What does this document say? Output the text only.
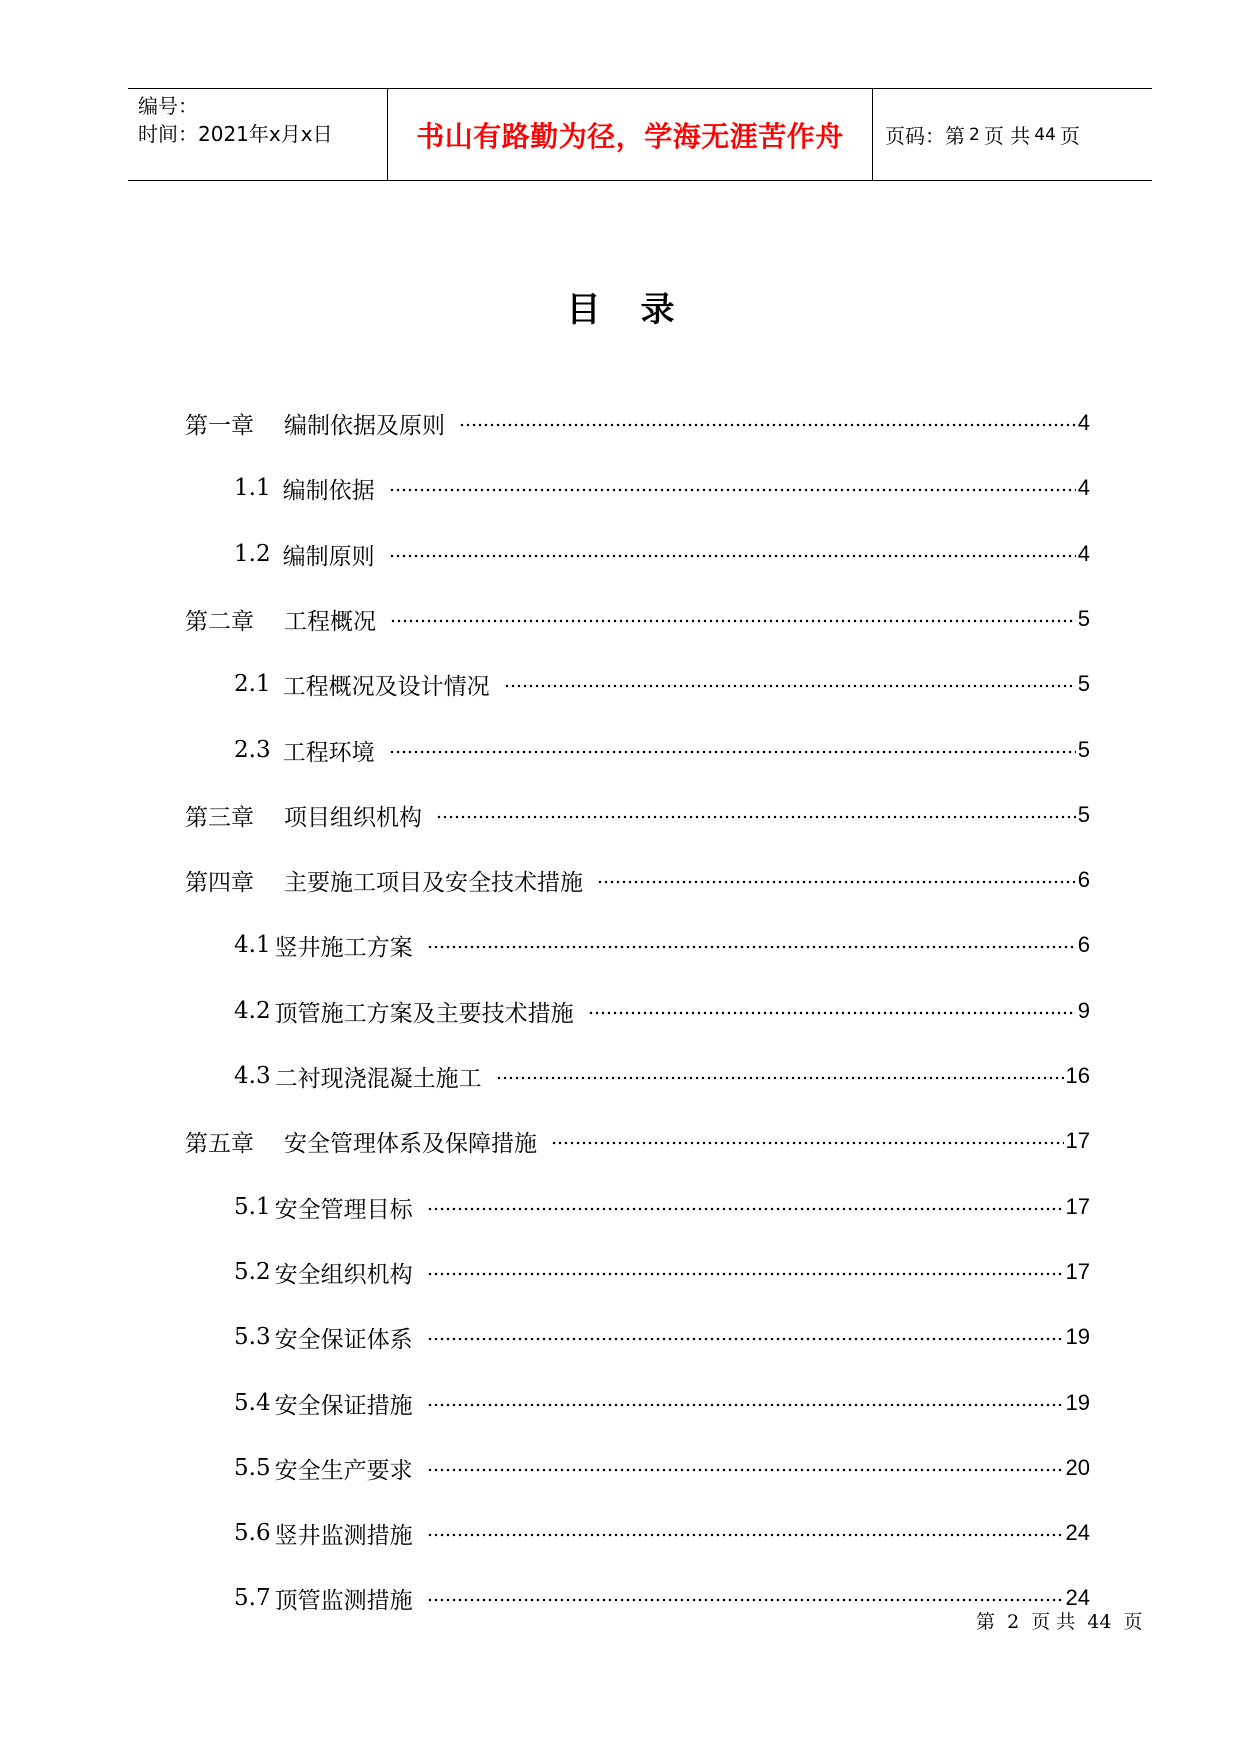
编号：
时间：2021年x月x日	书山有路勤为径，学海无涯苦作舟	页码：第 2 页 共 44 页
目录
第一章 编制依据及原则	4
1.1 编制依据	4
1.2 编制原则	4
第二章 工程概况	5
2.1 工程概况及设计情况	5
2.3 工程环境	5
第三章 项目组织机构	5
第四章 主要施工项目及安全技术措施	6
4.1 竖井施工方案	6
4.2 顶管施工方案及主要技术措施	9
4.3 二衬现浇混凝土施工	16
第五章 安全管理体系及保障措施	17
5.1 安全管理目标	17
5.2 安全组织机构	17
5.3 安全保证体系	19
5.4 安全保证措施	19
5.5 安全生产要求	20
5.6 竖井监测措施	24
5.7 顶管监测措施	24
第 2 页 共 44 页
